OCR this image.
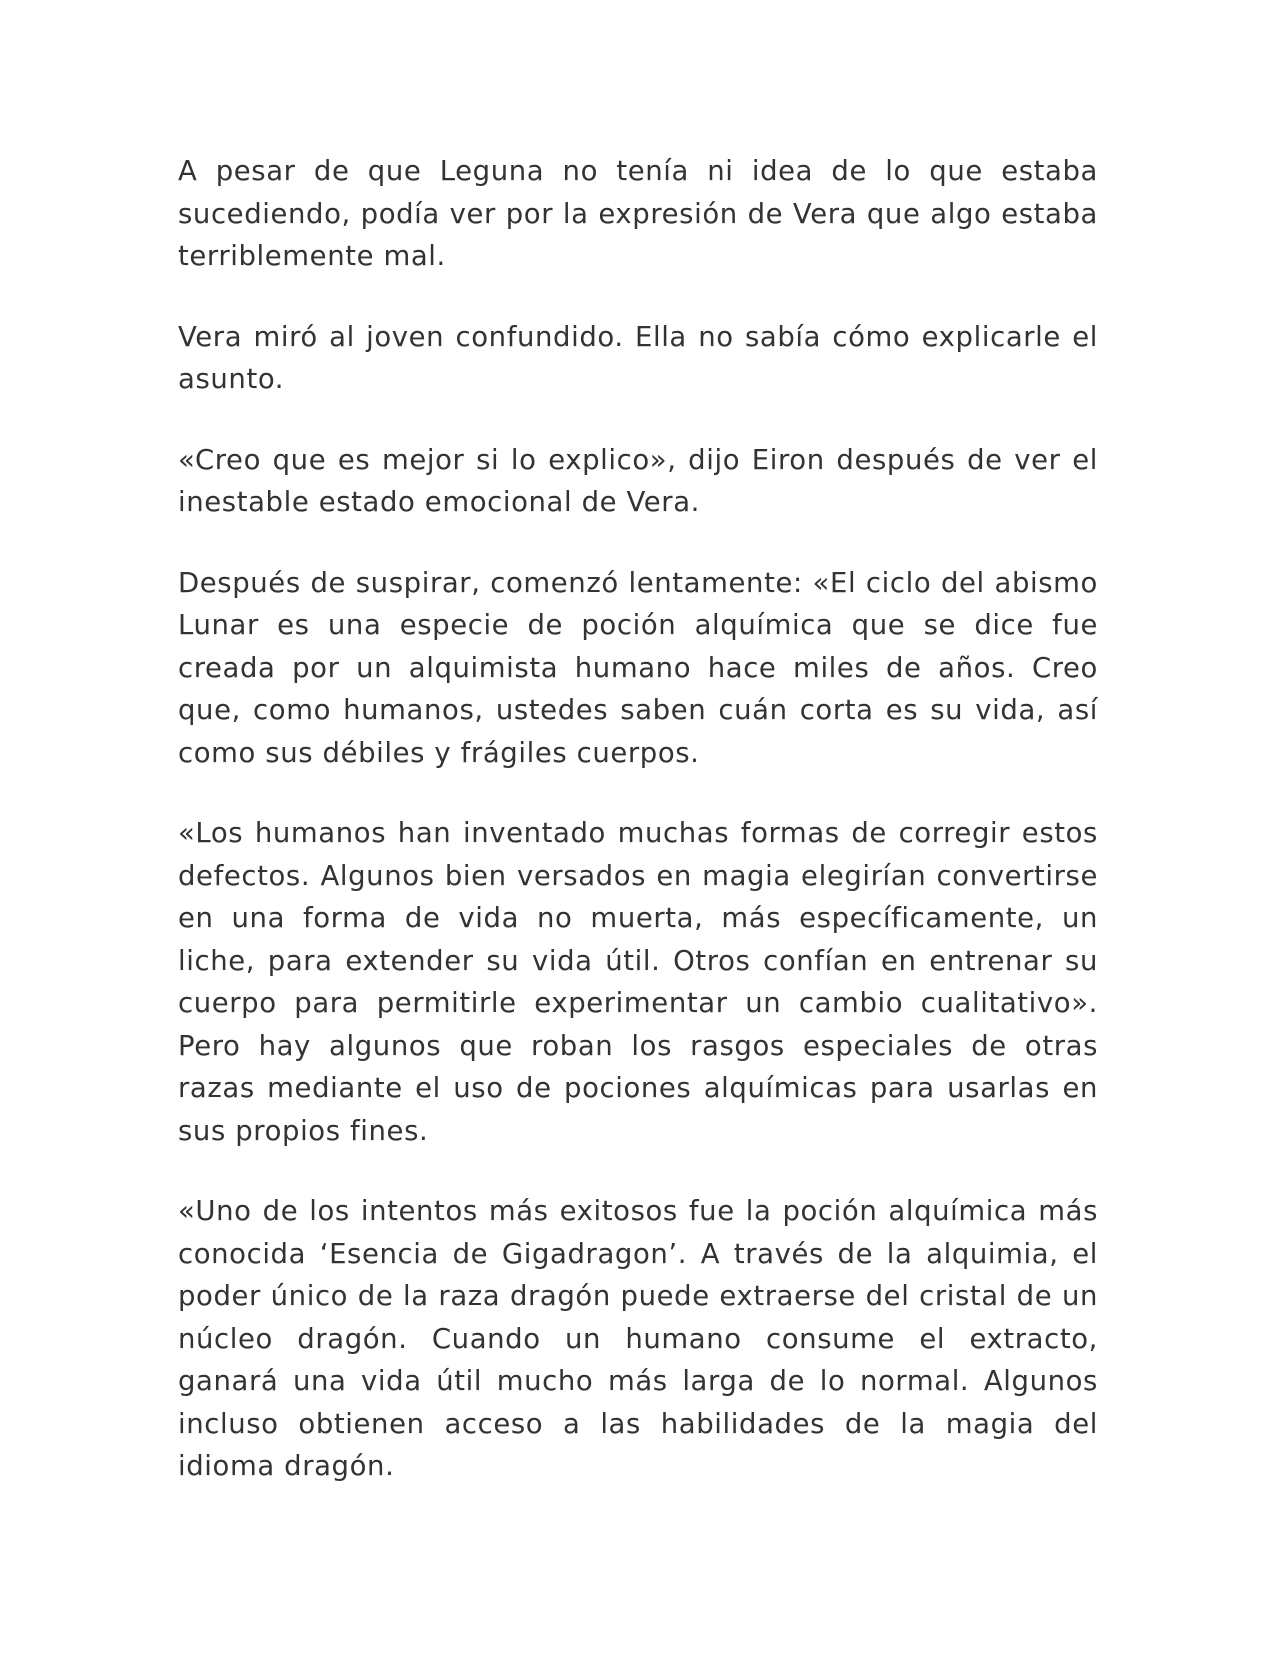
A pesar de que Leguna no tenía ni idea de lo que estaba sucediendo, podía ver por la expresión de Vera que algo estaba terriblemente mal.

Vera miró al joven confundido. Ella no sabía cómo explicarle el asunto.

«Creo que es mejor si lo explico», dijo Eiron después de ver el inestable estado emocional de Vera.

Después de suspirar, comenzó lentamente: «El ciclo del abismo Lunar es una especie de poción alquímica que se dice fue creada por un alquimista humano hace miles de años. Creo que, como humanos, ustedes saben cuán corta es su vida, así como sus débiles y frágiles cuerpos.

«Los humanos han inventado muchas formas de corregir estos defectos. Algunos bien versados en magia elegirían convertirse en una forma de vida no muerta, más específicamente, un liche, para extender su vida útil. Otros confían en entrenar su cuerpo para permitirle experimentar un cambio cualitativo». Pero hay algunos que roban los rasgos especiales de otras razas mediante el uso de pociones alquímicas para usarlas en sus propios fines.

«Uno de los intentos más exitosos fue la poción alquímica más conocida ‘Esencia de Gigadragon’. A través de la alquimia, el poder único de la raza dragón puede extraerse del cristal de un núcleo dragón. Cuando un humano consume el extracto, ganará una vida útil mucho más larga de lo normal. Algunos incluso obtienen acceso a las habilidades de la magia del idioma dragón.
